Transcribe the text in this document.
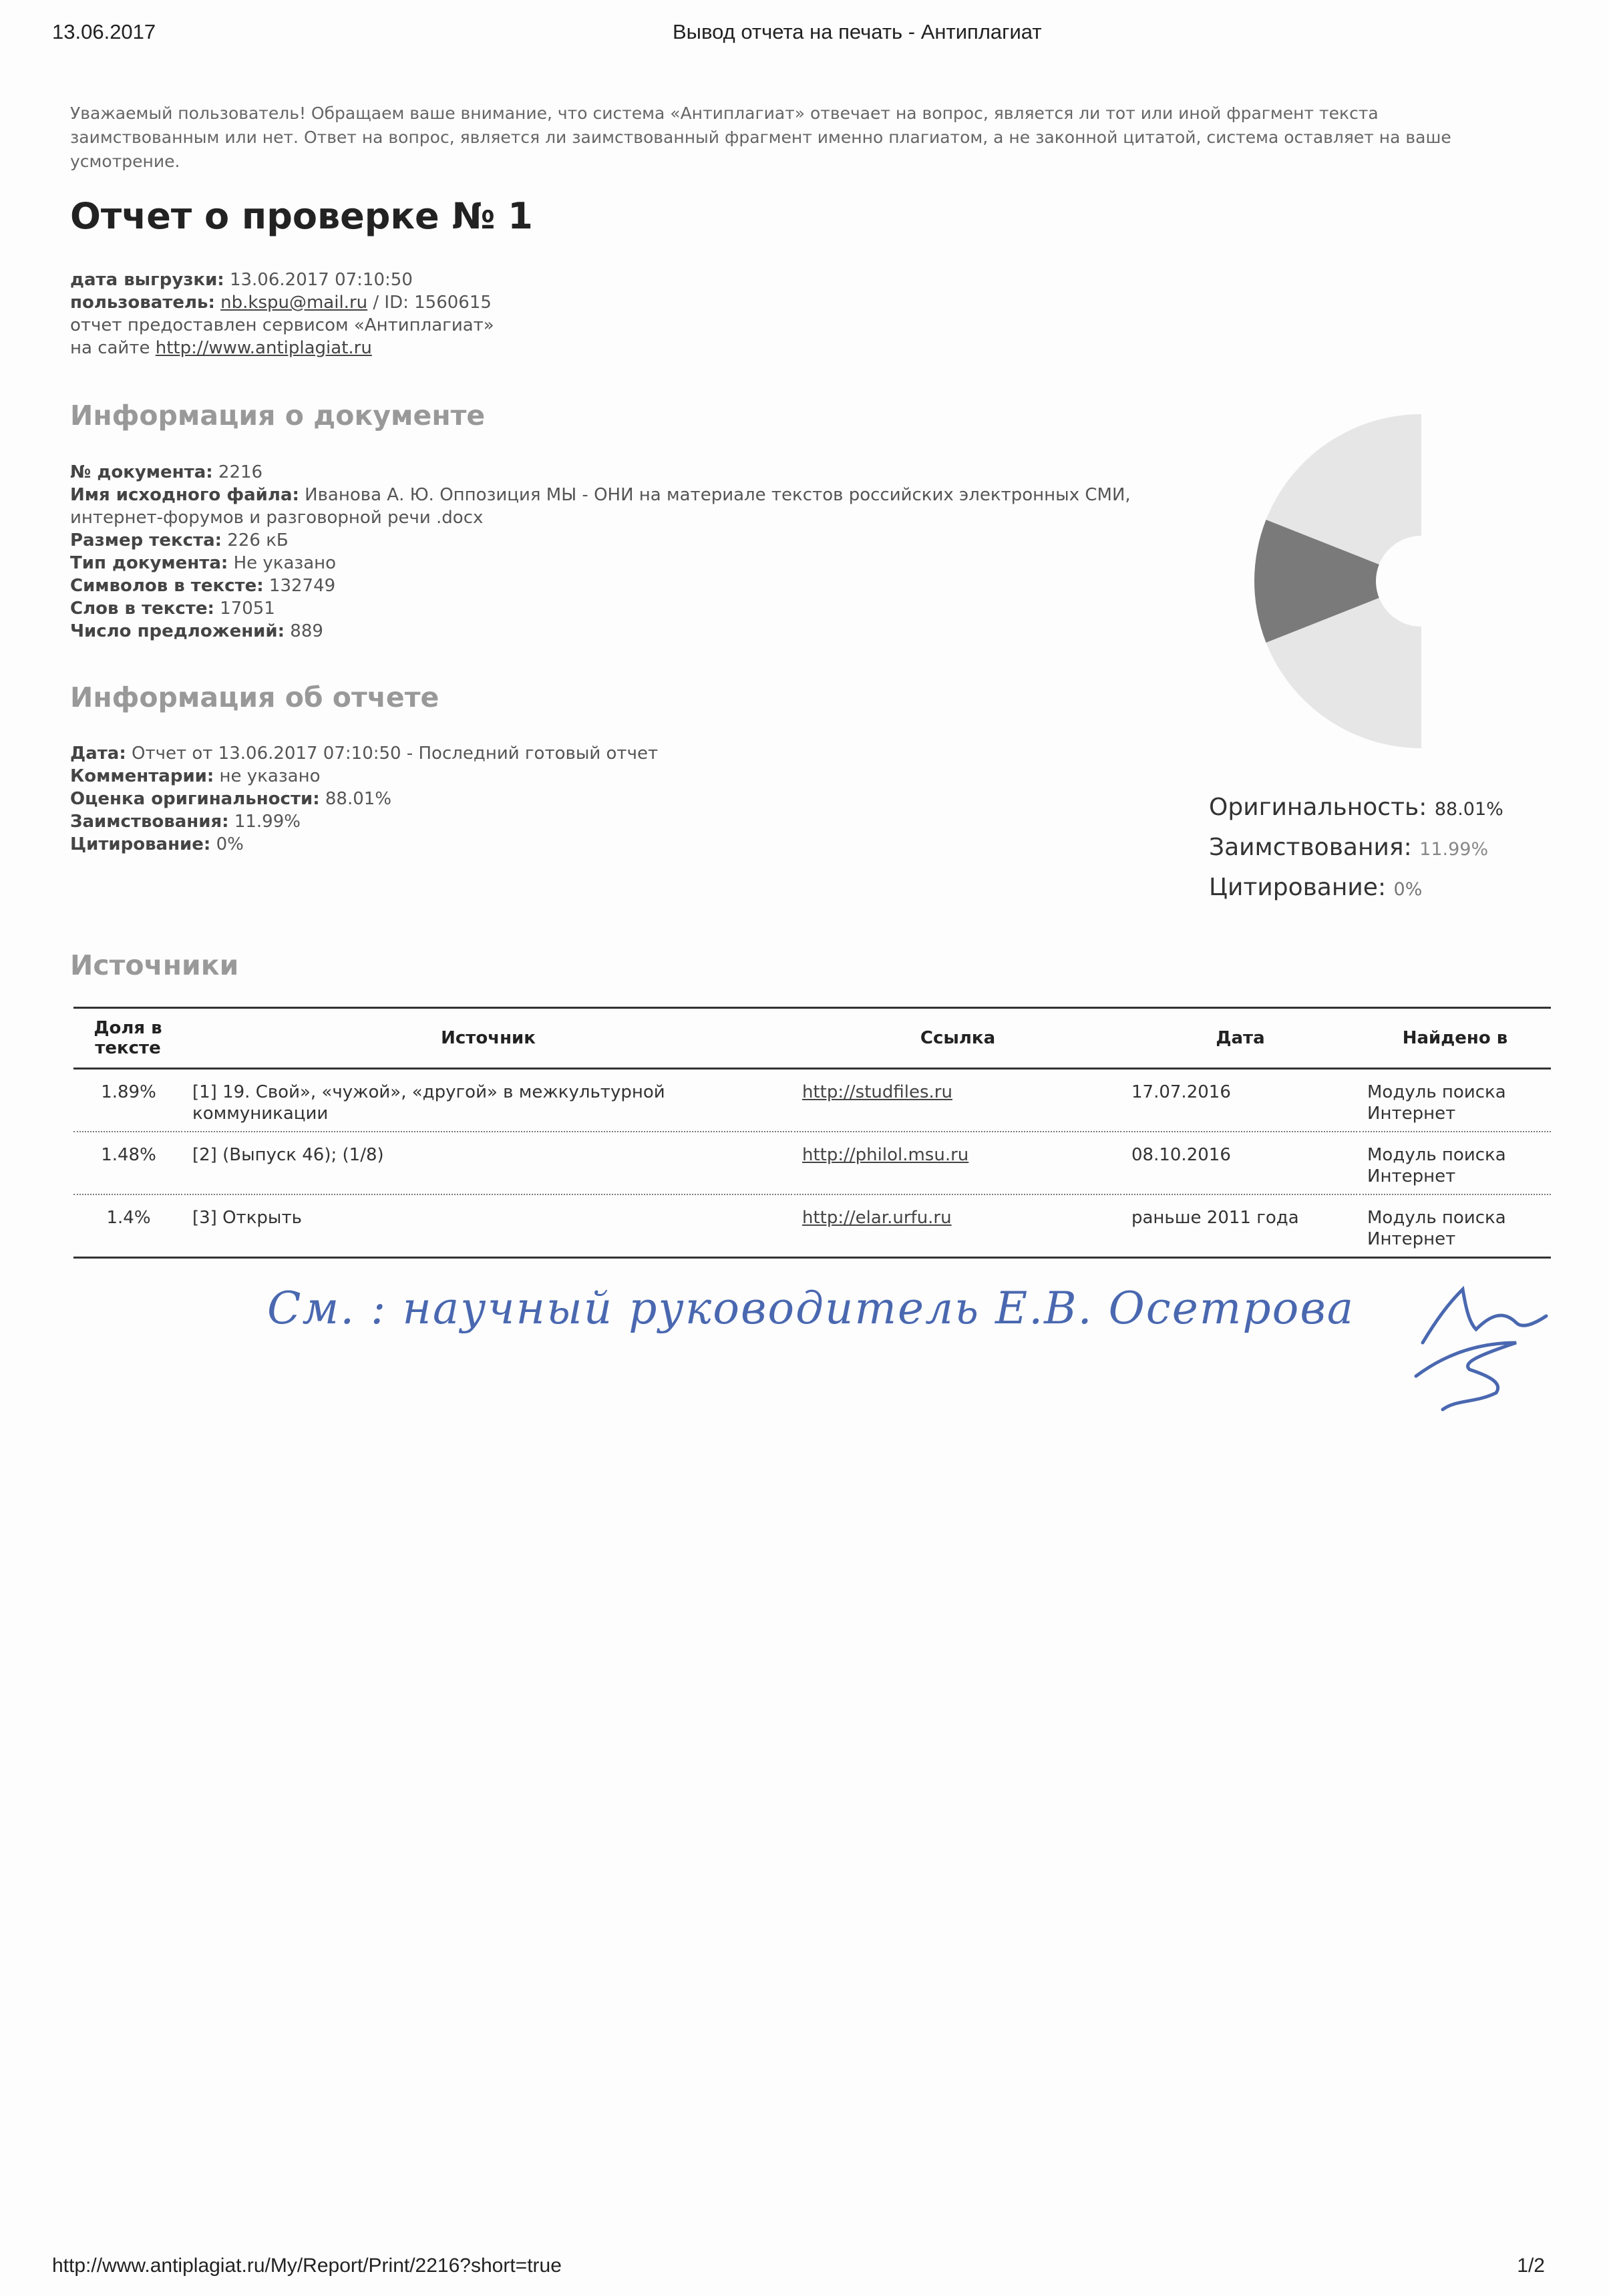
13.06.2017	Вывод отчета на печать - Антиплагиат
Уважаемый пользователь! Обращаем ваше внимание, что система «Антиплагиат» отвечает на вопрос, является ли тот или иной фрагмент текста заимствованным или нет. Ответ на вопрос, является ли заимствованный фрагмент именно плагиатом, а не законной цитатой, система оставляет на ваше усмотрение.
Отчет о проверке № 1
дата выгрузки: 13.06.2017 07:10:50
пользователь: nb.kspu@mail.ru / ID: 1560615
отчет предоставлен сервисом «Антиплагиат»
на сайте http://www.antiplagiat.ru
Информация о документе
№ документа: 2216
Имя исходного файла: Иванова А. Ю. Оппозиция МЫ - ОНИ на материале текстов российских электронных СМИ,
интернет-форумов и разговорной речи .docx
Размер текста: 226 кБ
Тип документа: Не указано
Символов в тексте: 132749
Слов в тексте: 17051
Число предложений: 889
Информация об отчете
Дата: Отчет от 13.06.2017 07:10:50 - Последний готовый отчет
Комментарии: не указано
Оценка оригинальности: 88.01%
Заимствования: 11.99%
Цитирование: 0%
Оригинальность: 88.01%
Заимствования: 11.99%
Цитирование: 0%
Источники
Доля в тексте	Источник	Ссылка	Дата	Найдено в
1.89%	[1] 19. Свой», «чужой», «другой» в межкультурной коммуникации	http://studfiles.ru	17.07.2016	Модуль поиска Интернет
1.48%	[2] (Выпуск 46); (1/8)	http://philol.msu.ru	08.10.2016	Модуль поиска Интернет
1.4%	[3] Открыть	http://elar.urfu.ru	раньше 2011 года	Модуль поиска Интернет
См. : научный руководитель Е.В. Осетрова
http://www.antiplagiat.ru/My/Report/Print/2216?short=true	1/2
